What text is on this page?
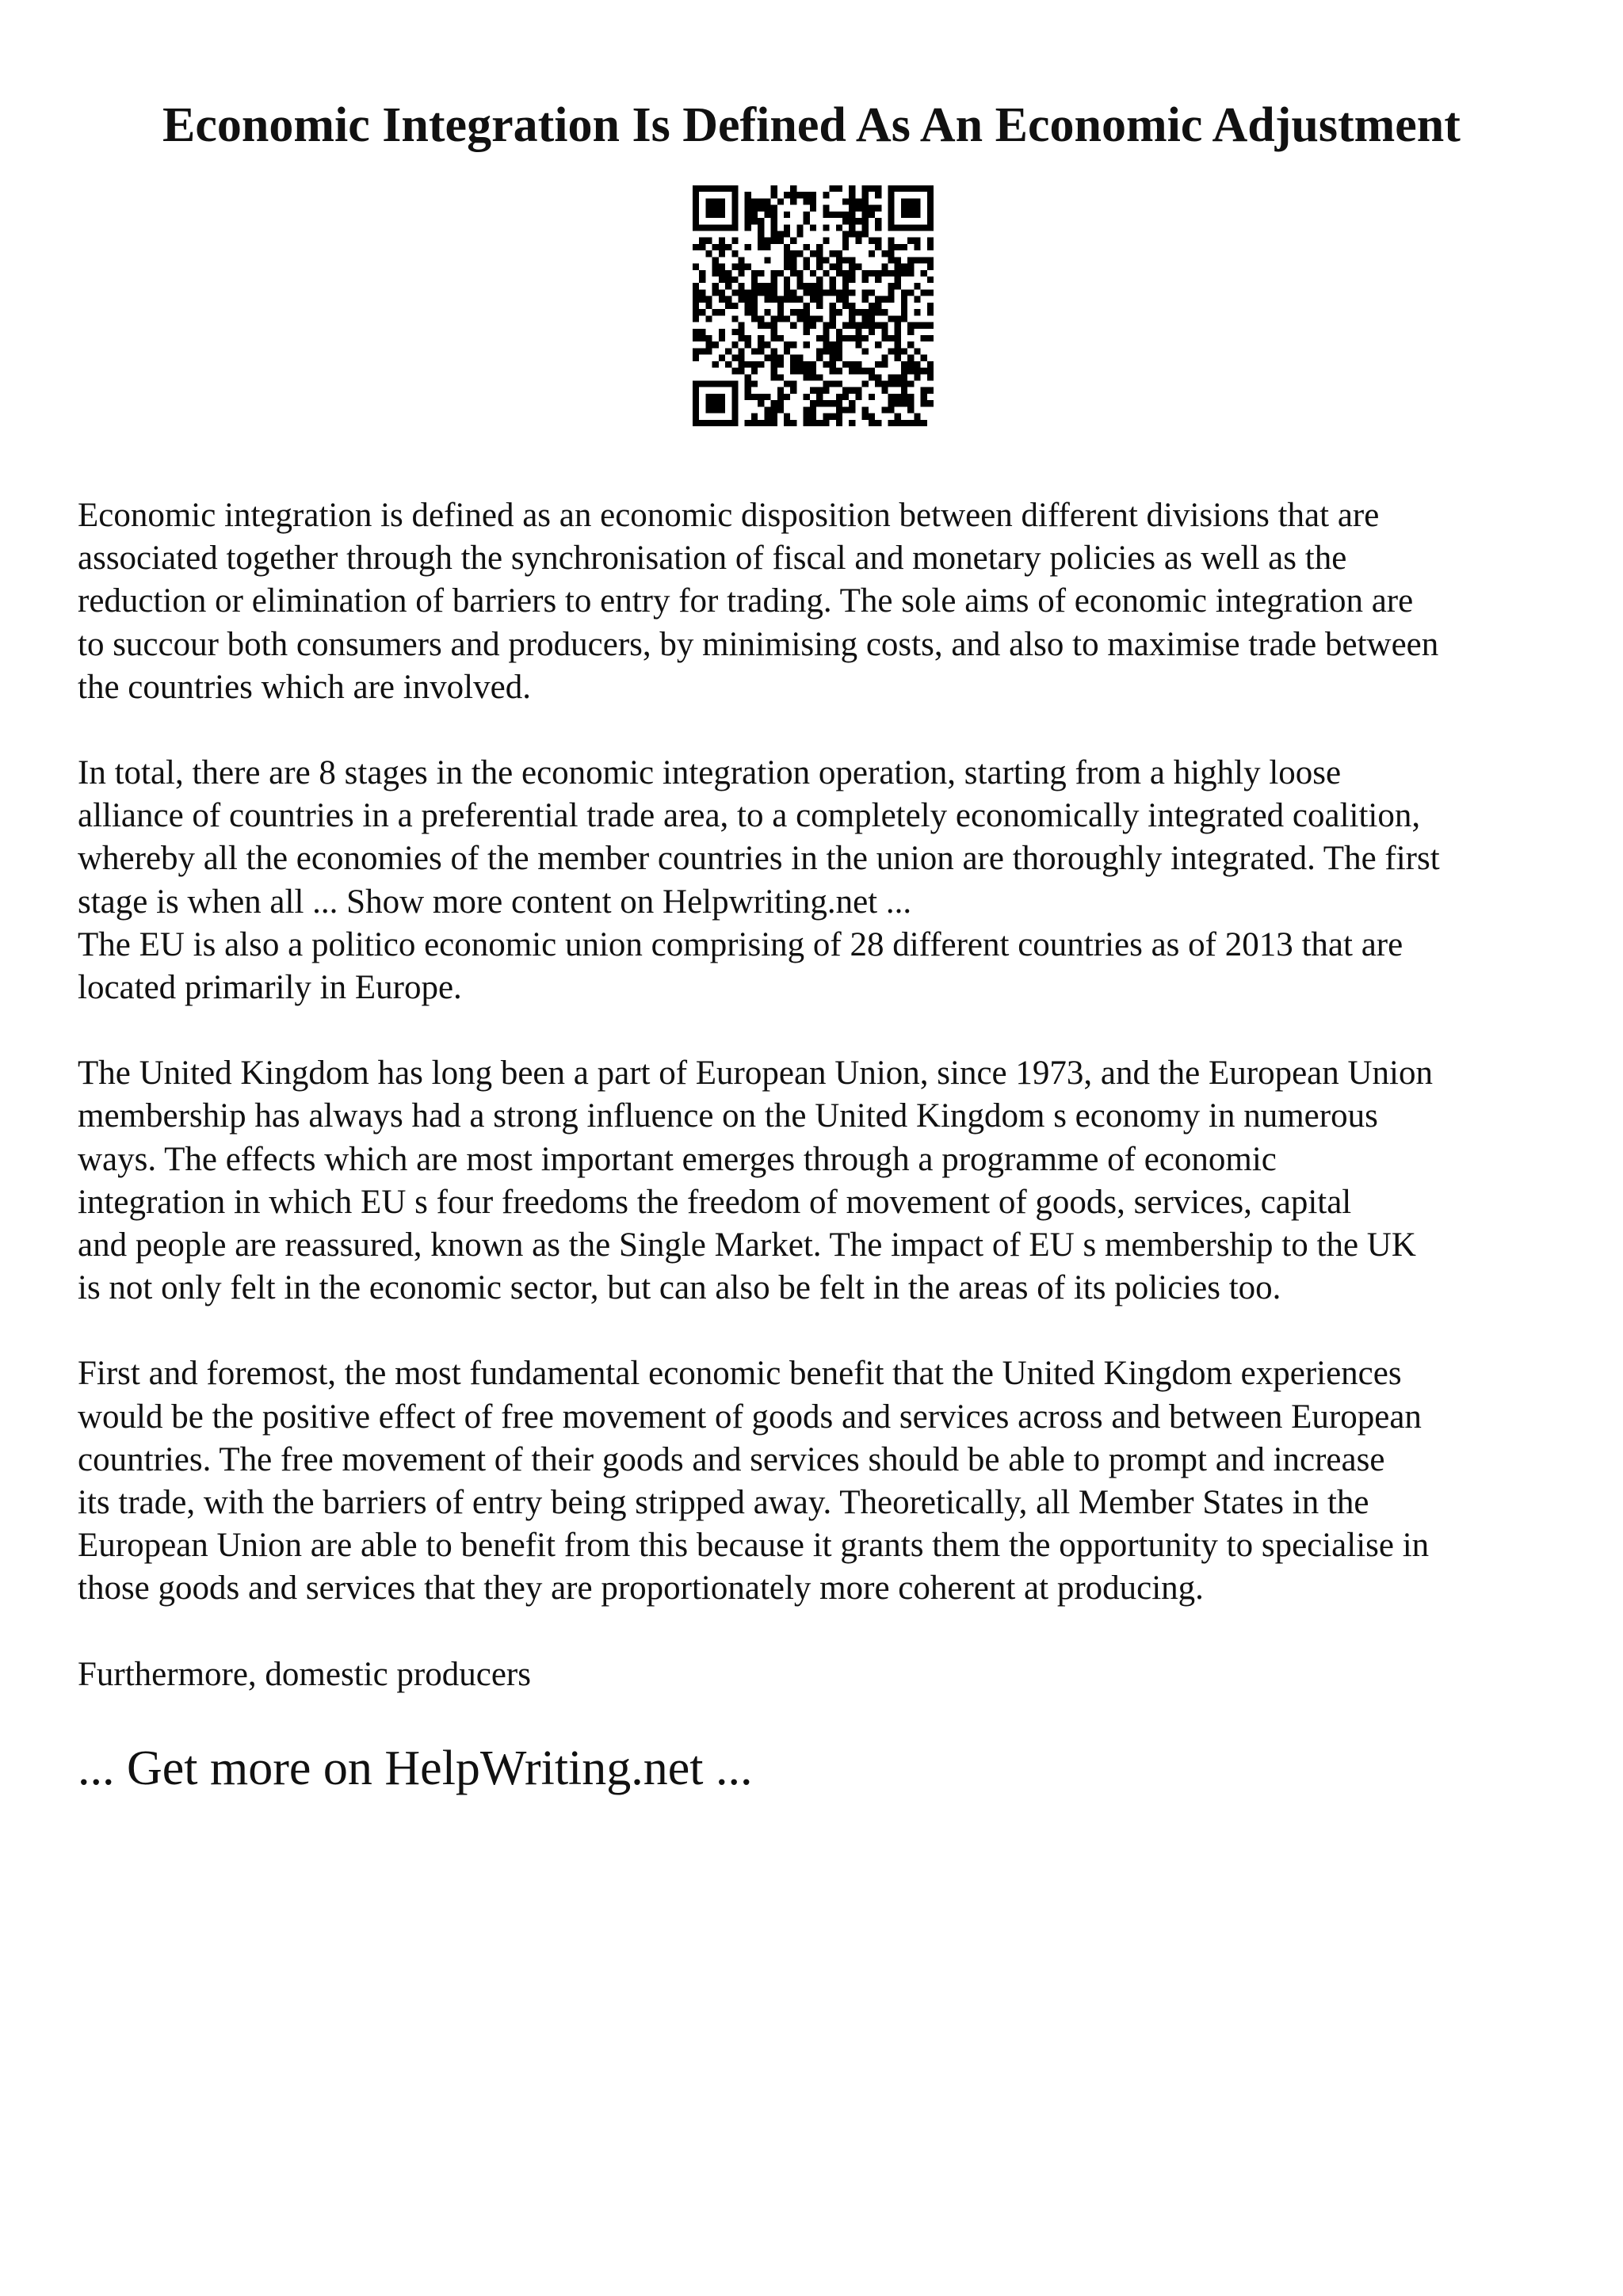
Economic Integration Is Defined As An Economic Adjustment

Economic integration is defined as an economic disposition between different divisions that are
associated together through the synchronisation of fiscal and monetary policies as well as the
reduction or elimination of barriers to entry for trading. The sole aims of economic integration are
to succour both consumers and producers, by minimising costs, and also to maximise trade between
the countries which are involved.

In total, there are 8 stages in the economic integration operation, starting from a highly loose
alliance of countries in a preferential trade area, to a completely economically integrated coalition,
whereby all the economies of the member countries in the union are thoroughly integrated. The first
stage is when all ... Show more content on Helpwriting.net ...

The EU is also a politico economic union comprising of 28 different countries as of 2013 that are
located primarily in Europe.

The United Kingdom has long been a part of European Union, since 1973, and the European Union
membership has always had a strong influence on the United Kingdom s economy in numerous
ways. The effects which are most important emerges through a programme of economic
integration in which EU s four freedoms the freedom of movement of goods, services, capital
and people are reassured, known as the Single Market. The impact of EU s membership to the UK
is not only felt in the economic sector, but can also be felt in the areas of its policies too.

First and foremost, the most fundamental economic benefit that the United Kingdom experiences
would be the positive effect of free movement of goods and services across and between European
countries. The free movement of their goods and services should be able to prompt and increase
its trade, with the barriers of entry being stripped away. Theoretically, all Member States in the
European Union are able to benefit from this because it grants them the opportunity to specialise in
those goods and services that they are proportionately more coherent at producing.

Furthermore, domestic producers

... Get more on HelpWriting.net ...
